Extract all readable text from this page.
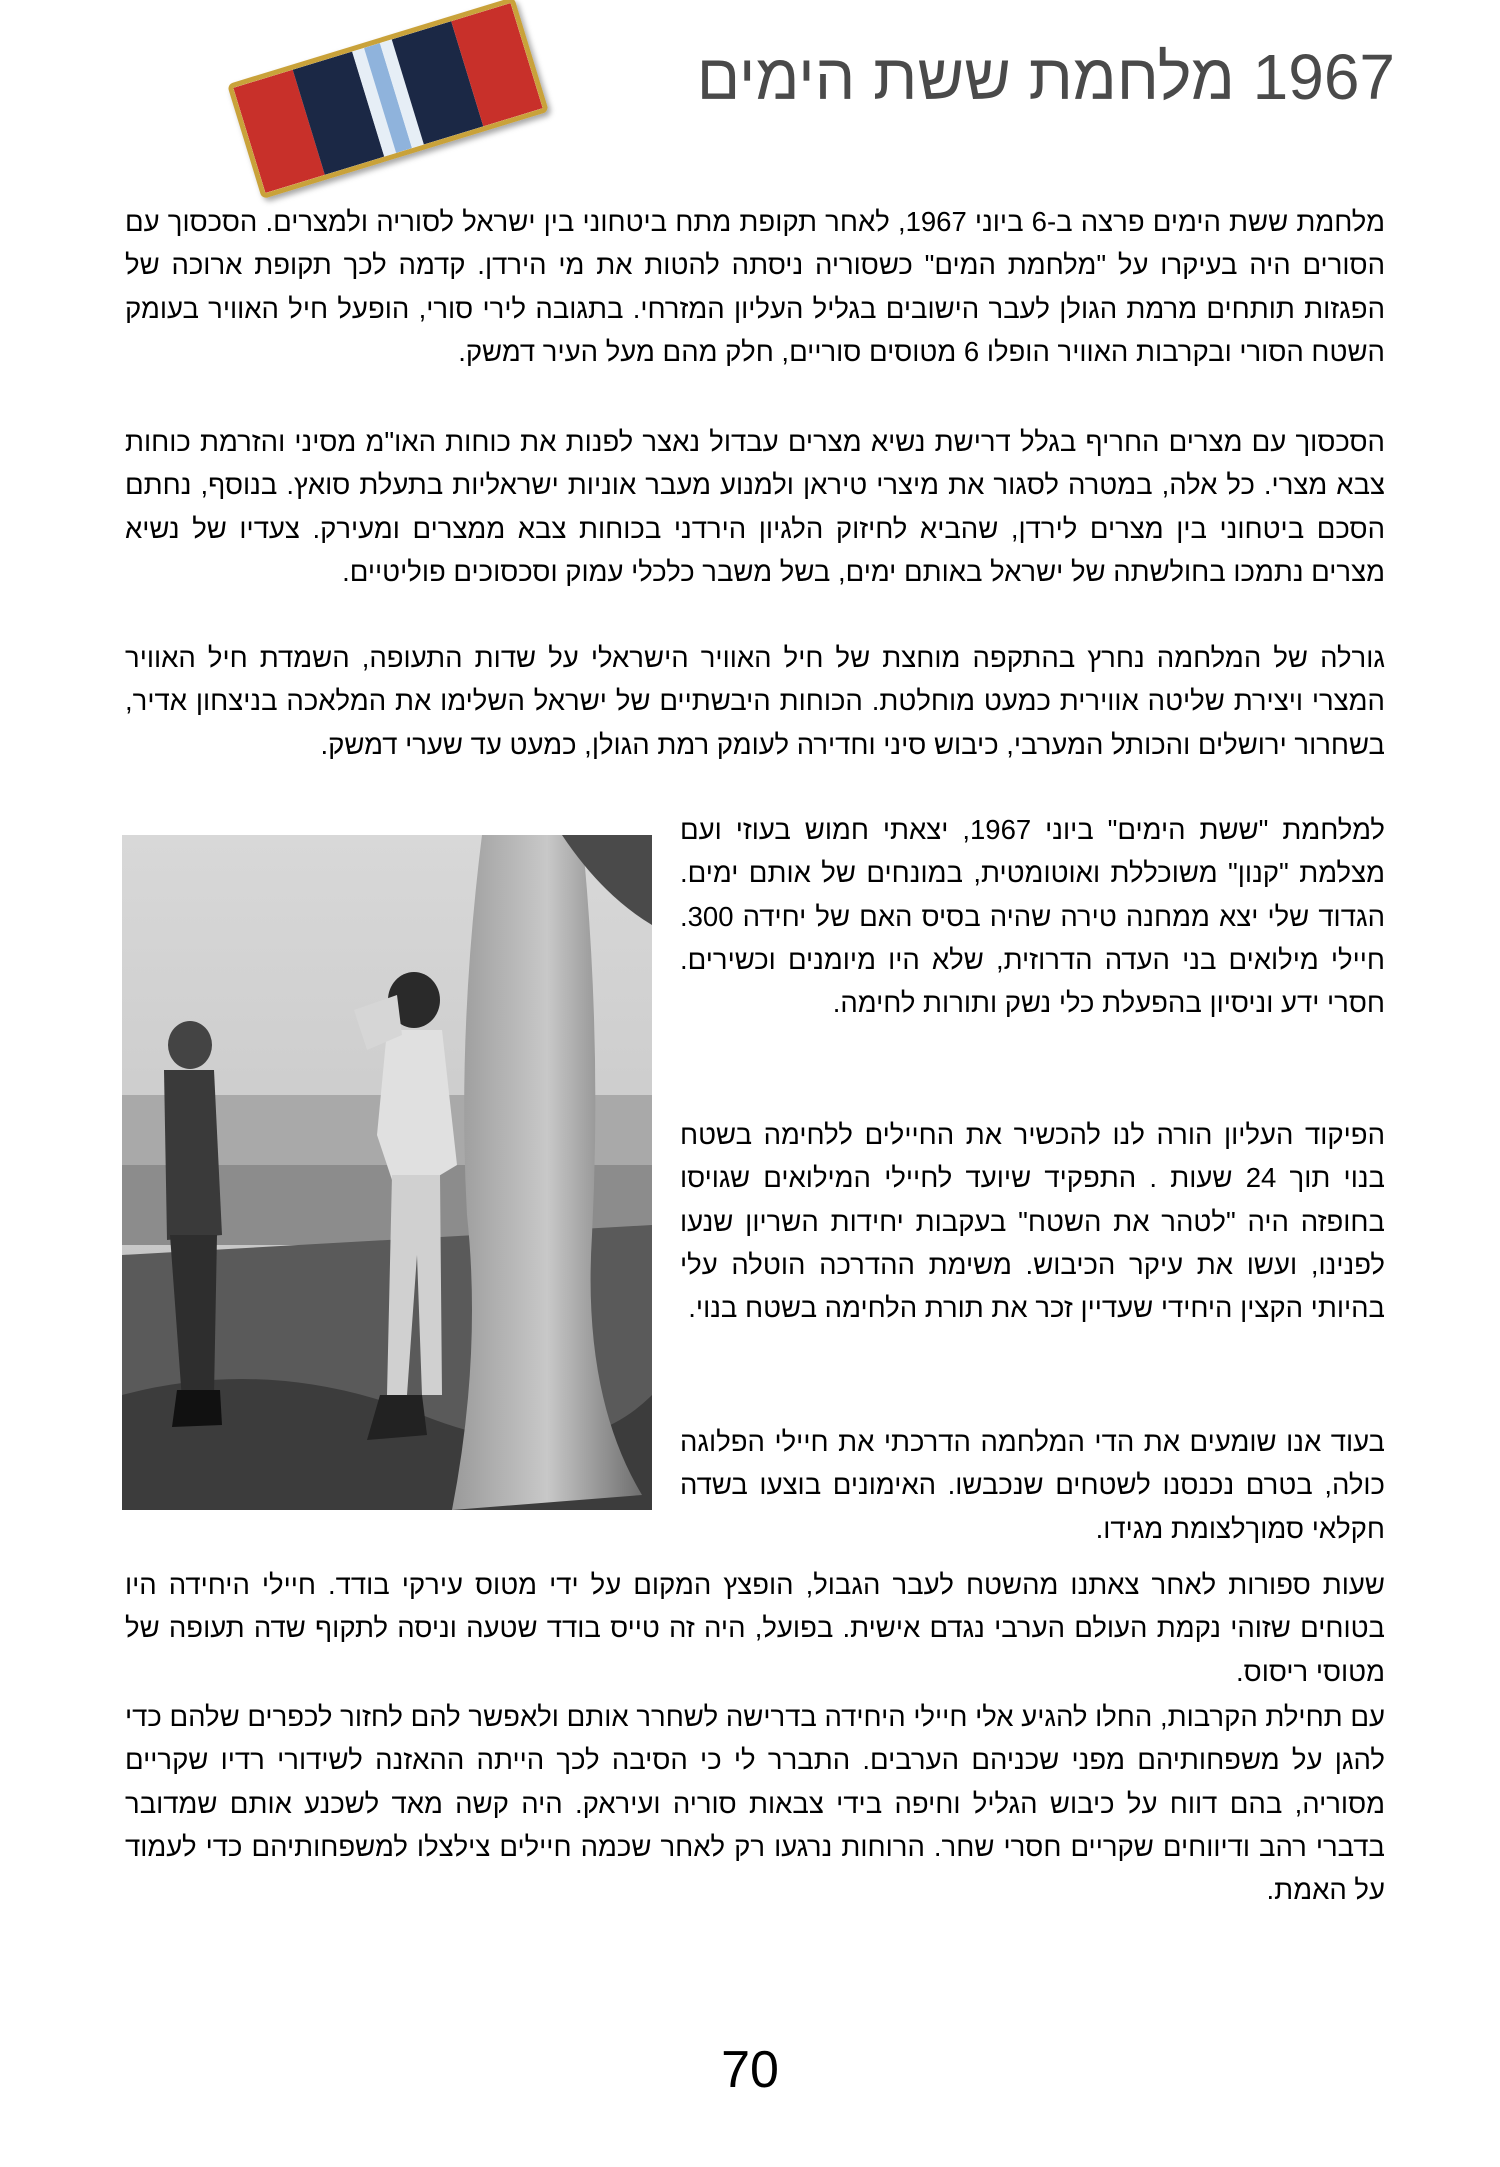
1967 מלחמת ששת הימים

מלחמת ששת הימים פרצה ב-6 ביוני 1967, לאחר תקופת מתח ביטחוני בין ישראל לסוריה ולמצרים. הסכסוך עם הסורים היה בעיקרו על "מלחמת המים" כשסוריה ניסתה להטות את מי הירדן. קדמה לכך תקופת ארוכה של הפגזות תותחים מרמת הגולן לעבר הישובים בגליל העליון המזרחי. בתגובה לירי סורי, הופעל חיל האוויר בעומק השטח הסורי ובקרבות האוויר הופלו 6 מטוסים סוריים, חלק מהם מעל העיר דמשק.

הסכסוך עם מצרים החריף בגלל דרישת נשיא מצרים עבדול נאצר לפנות את כוחות האו"מ מסיני והזרמת כוחות צבא מצרי. כל אלה, במטרה לסגור את מיצרי טיראן ולמנוע מעבר אוניות ישראליות בתעלת סואץ. בנוסף, נחתם הסכם ביטחוני בין מצרים לירדן, שהביא לחיזוק הלגיון הירדני בכוחות צבא ממצרים ומעירק. צעדיו של נשיא מצרים נתמכו בחולשתה של ישראל באותם ימים, בשל משבר כלכלי עמוק וסכסוכים פוליטיים.

גורלה של המלחמה נחרץ בהתקפה מוחצת של חיל האוויר הישראלי על שדות התעופה, השמדת חיל האוויר המצרי ויצירת שליטה אווירית כמעט מוחלטת. הכוחות היבשתיים של ישראל השלימו את המלאכה בניצחון אדיר, בשחרור ירושלים והכותל המערבי, כיבוש סיני וחדירה לעומק רמת הגולן, כמעט עד שערי דמשק.

למלחמת "ששת הימים" ביוני 1967, יצאתי חמוש בעוזי ועם מצלמת "קנון" משוכללת ואוטומטית, במונחים של אותם ימים. הגדוד שלי יצא ממחנה טירה שהיה בסיס האם של יחידה 300. חיילי מילואים בני העדה הדרוזית, שלא היו מיומנים וכשירים. חסרי ידע וניסיון בהפעלת כלי נשק ותורות לחימה.

הפיקוד העליון הורה לנו להכשיר את החיילים ללחימה בשטח בנוי תוך 24 שעות . התפקיד שיועד לחיילי המילואים שגויסו בחופזה היה "לטהר את השטח" בעקבות יחידות השריון שנעו לפנינו, ועשו את עיקר הכיבוש. משימת ההדרכה הוטלה עלי בהיותי הקצין היחידי שעדיין זכר את תורת הלחימה בשטח בנוי.

בעוד אנו שומעים את הדי המלחמה הדרכתי את חיילי הפלוגה כולה, בטרם נכנסנו לשטחים שנכבשו. האימונים בוצעו בשדה חקלאי סמוךלצומת מגידו.

שעות ספורות לאחר צאתנו מהשטח לעבר הגבול, הופצץ המקום על ידי מטוס עירקי בודד. חיילי היחידה היו בטוחים שזוהי נקמת העולם הערבי נגדם אישית. בפועל, היה זה טייס בודד שטעה וניסה לתקוף שדה תעופה של מטוסי ריסוס.

עם תחילת הקרבות, החלו להגיע אלי חיילי היחידה בדרישה לשחרר אותם ולאפשר להם לחזור לכפרים שלהם כדי להגן על משפחותיהם מפני שכניהם הערבים. התברר לי כי הסיבה לכך הייתה ההאזנה לשידורי רדיו שקריים מסוריה, בהם דווח על כיבוש הגליל וחיפה בידי צבאות סוריה ועיראק. היה קשה מאד לשכנע אותם שמדובר בדברי רהב ודיווחים שקריים חסרי שחר. הרוחות נרגעו רק לאחר שכמה חיילים צילצלו למשפחותיהם כדי לעמוד על האמת.

70
